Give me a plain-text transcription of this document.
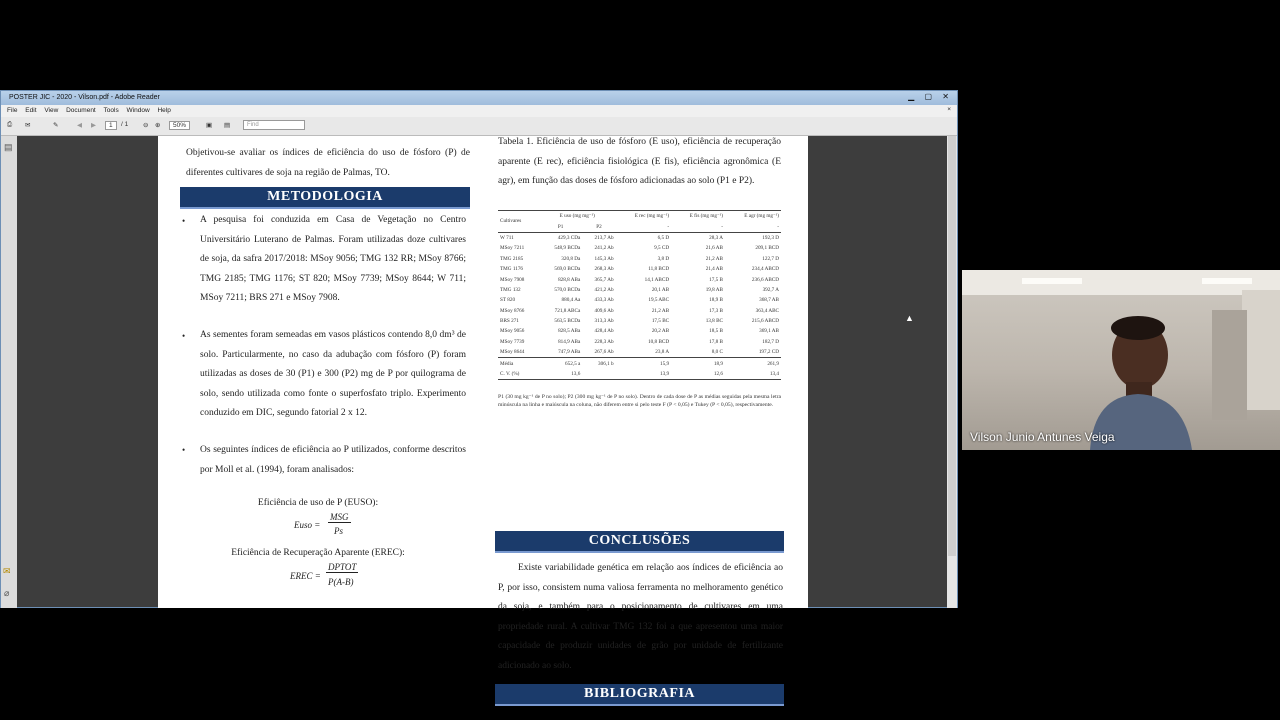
POSTER JIC - 2020 - Vilson.pdf - Adobe Reader	▁ ▢ ✕
File Edit View Document Tools Window Help	×
⎙ ✉	✎	◀ ▶	1	/ 1 ⊖ ⊕	50%	▣ ▤	Find
▤
✉
⌀
Objetivou-se avaliar os índices de eficiência do uso de fósforo (P) de diferentes cultivares de soja na região de Palmas, TO.
METODOLOGIA
• A pesquisa foi conduzida em Casa de Vegetação no Centro Universitário Luterano de Palmas. Foram utilizadas doze cultivares de soja, da safra 2017/2018: MSoy 9056; TMG 132 RR; MSoy 8766; TMG 2185; TMG 1176; ST 820; MSoy 7739; MSoy 8644; W 711; MSoy 7211; BRS 271 e MSoy 7908.
• As sementes foram semeadas em vasos plásticos contendo 8,0 dm³ de solo. Particularmente, no caso da adubação com fósforo (P) foram utilizadas as doses de 30 (P1) e 300 (P2) mg de P por quilograma de solo, sendo utilizada como fonte o superfosfato triplo. Experimento conduzido em DIC, segundo fatorial 2 x 12.
• Os seguintes índices de eficiência ao P utilizados, conforme descritos por Moll et al. (1994), foram analisados:
Eficiência de uso de P (EUSO):
Euso =
MSG
Ps
Eficiência de Recuperação Aparente (EREC):
EREC =
DPTOT
P(A-B)
Tabela 1. Eficiência de uso de fósforo (E uso), eficiência de recuperação aparente (E rec), eficiência fisiológica (E fis), eficiência agronômica (E agr), em função das doses de fósforo adicionadas ao solo (P1 e P2).
Cultivares	E uso (mg mg⁻¹)		E rec (mg mg⁻¹)	E fis (mg mg⁻¹)	E agr (mg mg⁻¹)
	P1	P2	-	-	-
W 711	429,3 CDa	213,7 Ab	6,5 D	28,3 A	192,3 D
MSoy 7211	548,9 BCDa	241,2 Ab	9,5 CD	21,6 AB	209,1 BCD
TMG 2185	320,8 Da	145,3 Ab	3,8 D	21,2 AB	122,7 D
TMG 1176	569,0 BCDa	268,3 Ab	11,8 BCD	21,4 AB	234,4 ABCD
MSoy 7908	828,8 ABa	365,7 Ab	14,1 ABCD	17,5 B	236,6 ABCD
TMG 132	570,0 BCDa	421,2 Ab	20,1 AB	19,8 AB	392,7 A
ST 820	880,4 Aa	433,3 Ab	19,5 ABC	18,9 B	368,7 AB
MSoy 8766	721,8 ABCa	409,6 Ab	21,2 AB	17,3 B	363,4 ABC
BRS 271	563,5 BCDa	313,3 Ab	17,5 BC	13,8 BC	215,6 ABCD
MSoy 9056	828,5 ABa	428,4 Ab	20,2 AB	18,5 B	369,1 AB
MSoy 7739	814,9 ABa	228,3 Ab	10,8 BCD	17,8 B	182,7 D
MSoy 8644	747,9 ABa	267,6 Ab	23,8 A	8,0 C	197,2 CD
Média	652,5 a	306,1 b	15,9	18,9	261,9
C. V. (%)	13,6		13,9	12,6	13,4
P1 (30 mg kg⁻¹ de P no solo); P2 (300 mg kg⁻¹ de P no solo). Dentro de cada dose de P as médias seguidas pela mesma letra minúscula na linha e maiúscula na coluna, não diferem entre si pelo teste F (P < 0,05) e Tukey (P < 0,05), respectivamente.
CONCLUSÕES
Existe variabilidade genética em relação aos índices de eficiência ao P, por isso, consistem numa valiosa ferramenta no melhoramento genético da soja, e também para o posicionamento de cultivares em uma propriedade rural. A cultivar TMG 132 foi a que apresentou uma maior capacidade de produzir unidades de grão por unidade de fertilizante adicionado ao solo.
BIBLIOGRAFIA
▲
Vilson Junio Antunes Veiga
